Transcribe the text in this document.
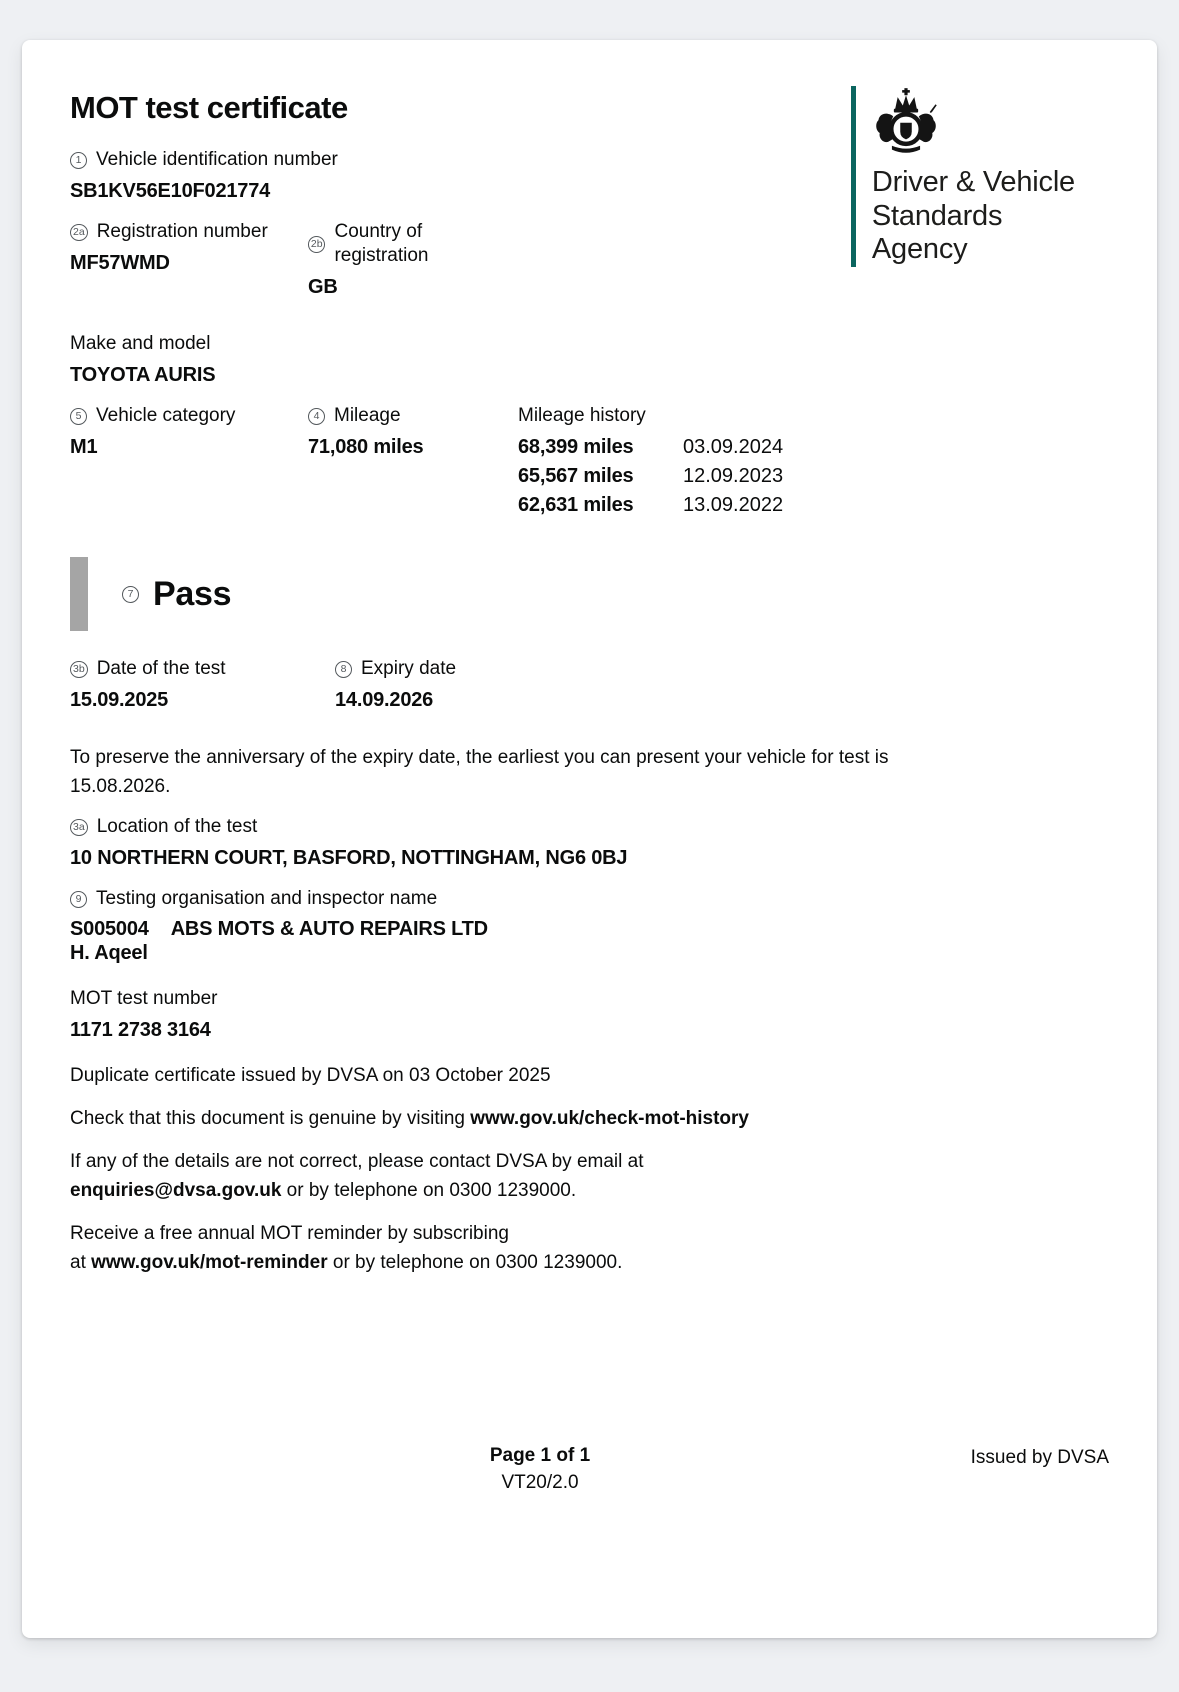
MOT test certificate
Driver & Vehicle
Standards
Agency
1 Vehicle identification number
SB1KV56E10F021774
2a Registration number
MF57WMD
2b
Country of registration
GB
Make and model
TOYOTA AURIS
5 Vehicle category
M1
4 Mileage
71,080 miles
Mileage history
68,399 miles	03.09.2024
65,567 miles	12.09.2023
62,631 miles	13.09.2022
7 Pass
3b Date of the test
15.09.2025
8 Expiry date
14.09.2026

To preserve the anniversary of the expiry date, the earliest you can present your vehicle for test is
15.08.2026.

3a Location of the test
10 NORTHERN COURT, BASFORD, NOTTINGHAM, NG6 0BJ
9 Testing organisation and inspector name
S005004 ABS MOTS & AUTO REPAIRS LTD
H. Aqeel
MOT test number
1171 2738 3164

Duplicate certificate issued by DVSA on 03 October 2025

Check that this document is genuine by visiting www.gov.uk/check-mot-history

If any of the details are not correct, please contact DVSA by email at
enquiries@dvsa.gov.uk or by telephone on 0300 1239000.

Receive a free annual MOT reminder by subscribing
at www.gov.uk/mot-reminder or by telephone on 0300 1239000.

Page 1 of 1
VT20/2.0
Issued by DVSA
